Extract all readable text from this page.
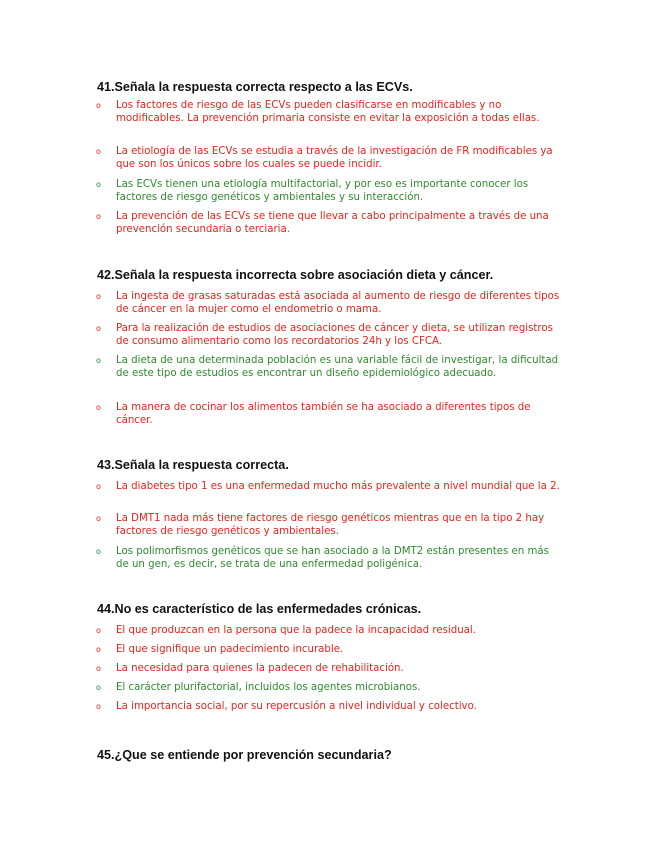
41.Señala la respuesta correcta respecto a las ECVs.
o Los factores de riesgo de las ECVs pueden clasificarse en modificables y no modificables. La prevención primaria consiste en evitar la exposición a todas ellas.
o La etiología de las ECVs se estudia a través de la investigación de FR modificables ya que son los únicos sobre los cuales se puede incidir.
o Las ECVs tienen una etiología multifactorial, y por eso es importante conocer los factores de riesgo genéticos y ambientales y su interacción.
o La prevención de las ECVs se tiene que llevar a cabo principalmente a través de una prevención secundaria o terciaria.
42.Señala la respuesta incorrecta sobre asociación dieta y cáncer.
o La ingesta de grasas saturadas está asociada al aumento de riesgo de diferentes tipos de cáncer en la mujer como el endometrio o mama.
o Para la realización de estudios de asociaciones de cáncer y dieta, se utilizan registros de consumo alimentario como los recordatorios 24h y los CFCA.
o La dieta de una determinada población es una variable fácil de investigar, la dificultad de este tipo de estudios es encontrar un diseño epidemiológico adecuado.
o La manera de cocinar los alimentos también se ha asociado a diferentes tipos de cáncer.
43.Señala la respuesta correcta.
o La diabetes tipo 1 es una enfermedad mucho más prevalente a nivel mundial que la 2.
o La DMT1 nada más tiene factores de riesgo genéticos mientras que en la tipo 2 hay factores de riesgo genéticos y ambientales.
o Los polimorfismos genéticos que se han asociado a la DMT2 están presentes en más de un gen, es decir, se trata de una enfermedad poligénica.
44.No es característico de las enfermedades crónicas.
o El que produzcan en la persona que la padece la incapacidad residual.
o El que signifique un padecimiento incurable.
o La necesidad para quienes la padecen de rehabilitación.
o El carácter plurifactorial, incluidos los agentes microbianos.
o La importancia social, por su repercusión a nivel individual y colectivo.
45.¿Que se entiende por prevención secundaria?
